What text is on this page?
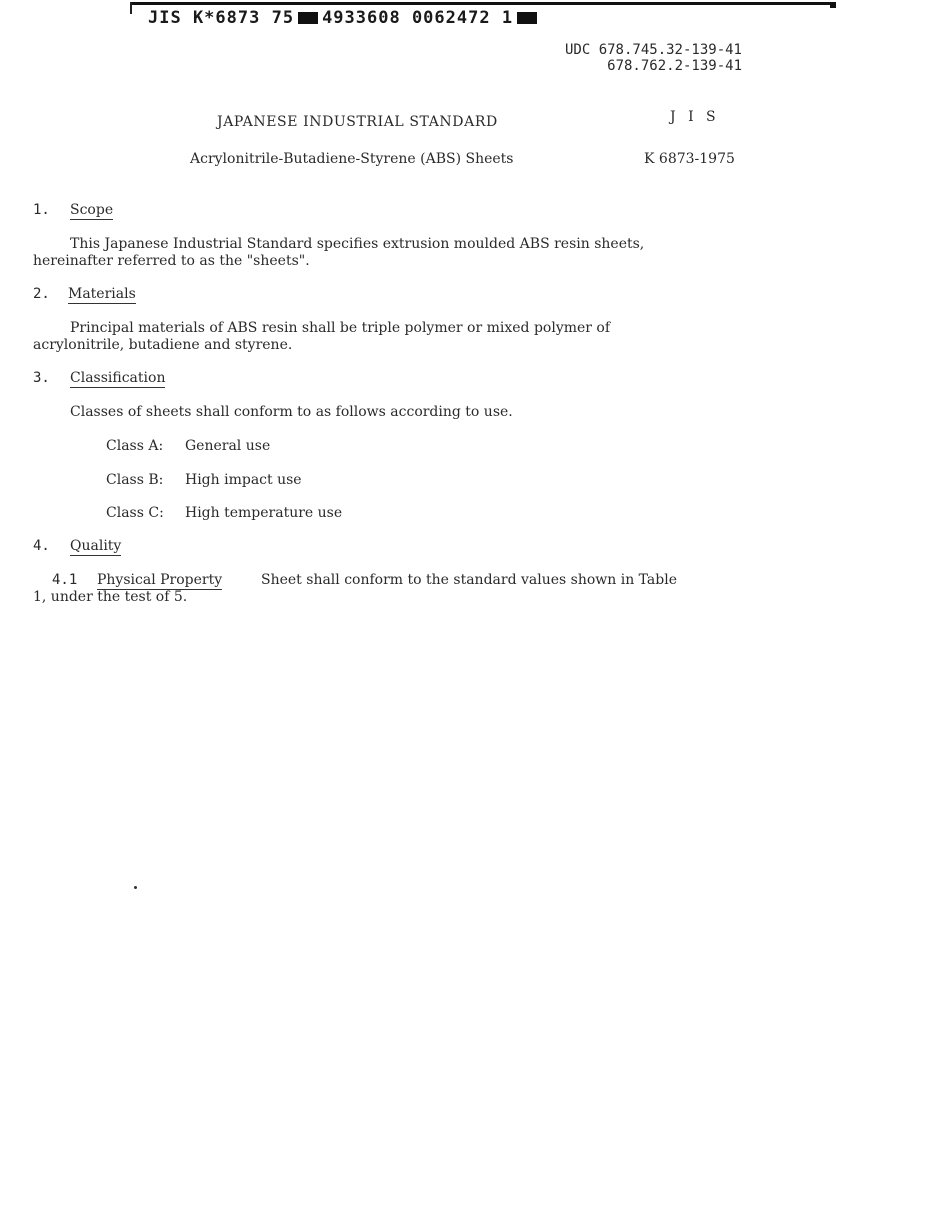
JIS K*6873 75 4933608 0062472 1
UDC 678.745.32-139-41
678.762.2-139-41
JAPANESE INDUSTRIAL STANDARD	J I S
Acrylonitrile-Butadiene-Styrene (ABS) Sheets	K 6873-1975
1. Scope
This Japanese Industrial Standard specifies extrusion moulded ABS resin sheets,
hereinafter referred to as the "sheets".
2. Materials
Principal materials of ABS resin shall be triple polymer or mixed polymer of
acrylonitrile, butadiene and styrene.
3. Classification
Classes of sheets shall conform to as follows according to use.
Class A: General use
Class B: High impact use
Class C: High temperature use
4. Quality
4.1 Physical Property	Sheet shall conform to the standard values shown in Table
1, under the test of 5.
